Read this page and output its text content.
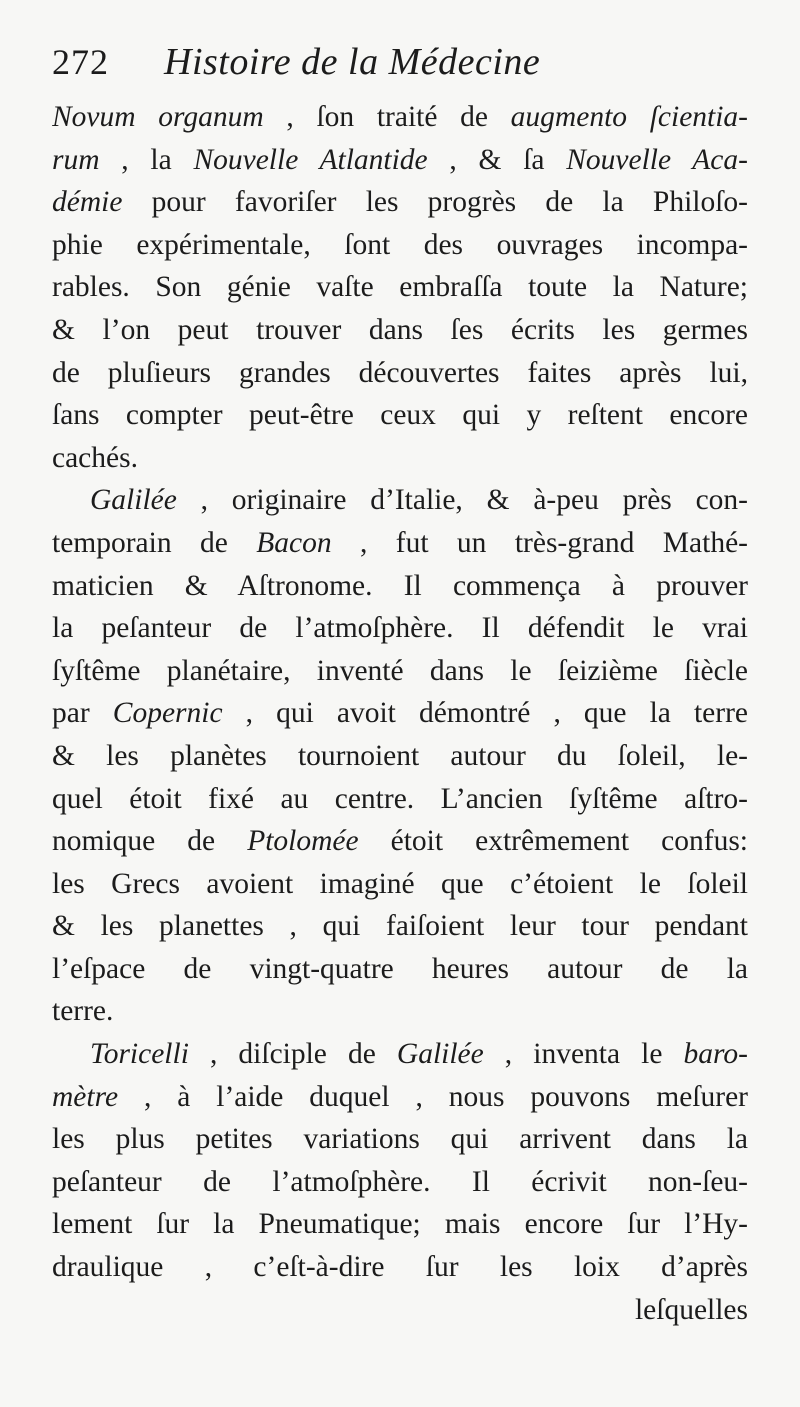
272	Histoire de la Médecine
Novum organum , ſon traité de augmento ſcientia-
rum , la Nouvelle Atlantide , & ſa Nouvelle Aca-
démie pour favoriſer les progrès de la Philoſo-
phie expérimentale, ſont des ouvrages incompa-
rables. Son génie vaſte embraſſa toute la Nature;
& l’on peut trouver dans ſes écrits les germes
de pluſieurs grandes découvertes faites après lui,
ſans compter peut-être ceux qui y reſtent encore
cachés.
Galilée , originaire d’Italie, & à-peu près con-
temporain de Bacon , fut un très-grand Mathé-
maticien & Aſtronome. Il commença à prouver
la peſanteur de l’atmoſphère. Il défendit le vrai
ſyſtême planétaire, inventé dans le ſeizième ſiècle
par Copernic , qui avoit démontré , que la terre
& les planètes tournoient autour du ſoleil, le-
quel étoit fixé au centre. L’ancien ſyſtême aſtro-
nomique de Ptolomée étoit extrêmement confus:
les Grecs avoient imaginé que c’étoient le ſoleil
& les planettes , qui faiſoient leur tour pendant
l’eſpace de vingt-quatre heures autour de la
terre.
Toricelli , diſciple de Galilée , inventa le baro-
mètre , à l’aide duquel , nous pouvons meſurer
les plus petites variations qui arrivent dans la
peſanteur de l’atmoſphère. Il écrivit non-ſeu-
lement ſur la Pneumatique; mais encore ſur l’Hy-
draulique , c’eſt-à-dire ſur les loix d’après
leſquelles
